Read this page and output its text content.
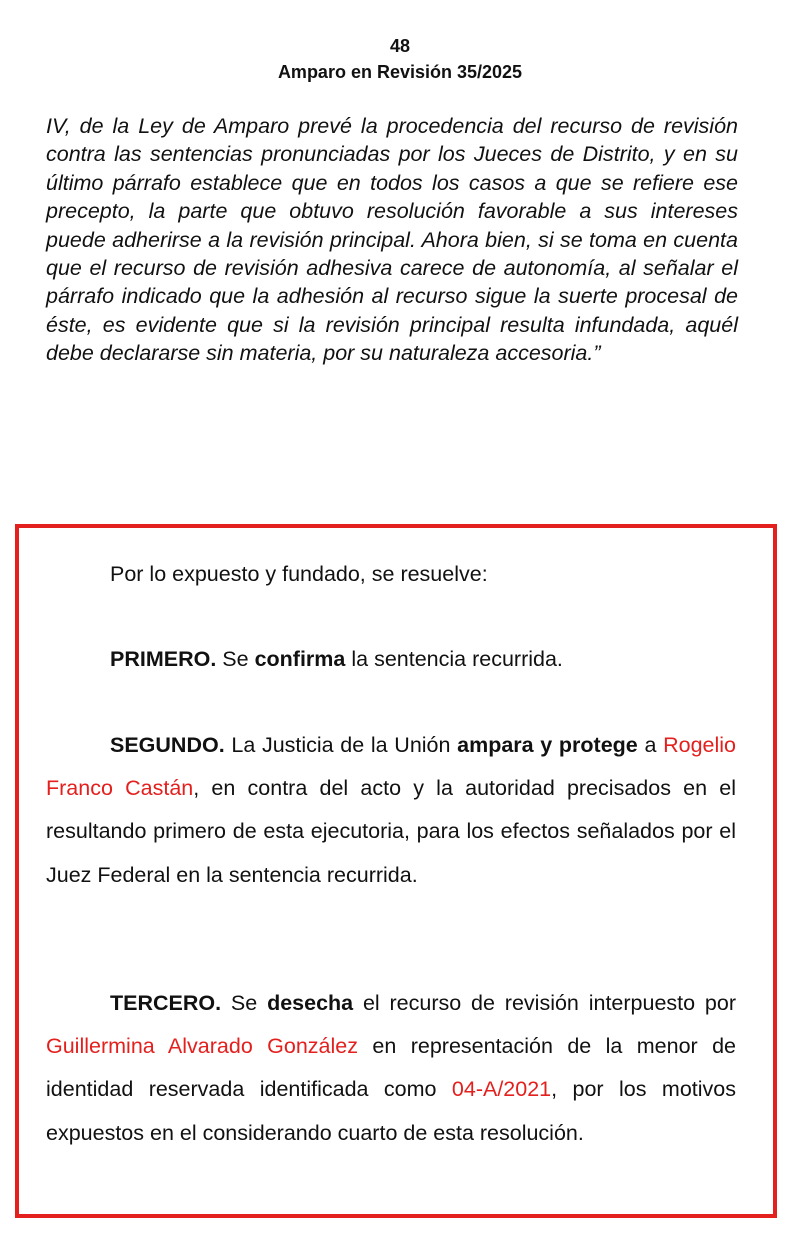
48
Amparo en Revisión 35/2025

IV, de la Ley de Amparo prevé la procedencia del recurso de revisión contra las sentencias pronunciadas por los Jueces de Distrito, y en su último párrafo establece que en todos los casos a que se refiere ese precepto, la parte que obtuvo resolución favorable a sus intereses puede adherirse a la revisión principal. Ahora bien, si se toma en cuenta que el recurso de revisión adhesiva carece de autonomía, al señalar el párrafo indicado que la adhesión al recurso sigue la suerte procesal de éste, es evidente que si la revisión principal resulta infundada, aquél debe declararse sin materia, por su naturaleza accesoria.”

Por lo expuesto y fundado, se resuelve:

PRIMERO. Se confirma la sentencia recurrida.

SEGUNDO. La Justicia de la Unión ampara y protege a Rogelio Franco Castán, en contra del acto y la autoridad precisados en el resultando primero de esta ejecutoria, para los efectos señalados por el Juez Federal en la sentencia recurrida.

TERCERO. Se desecha el recurso de revisión interpuesto por Guillermina Alvarado González en representación de la menor de identidad reservada identificada como 04-A/2021, por los motivos expuestos en el considerando cuarto de esta resolución.
